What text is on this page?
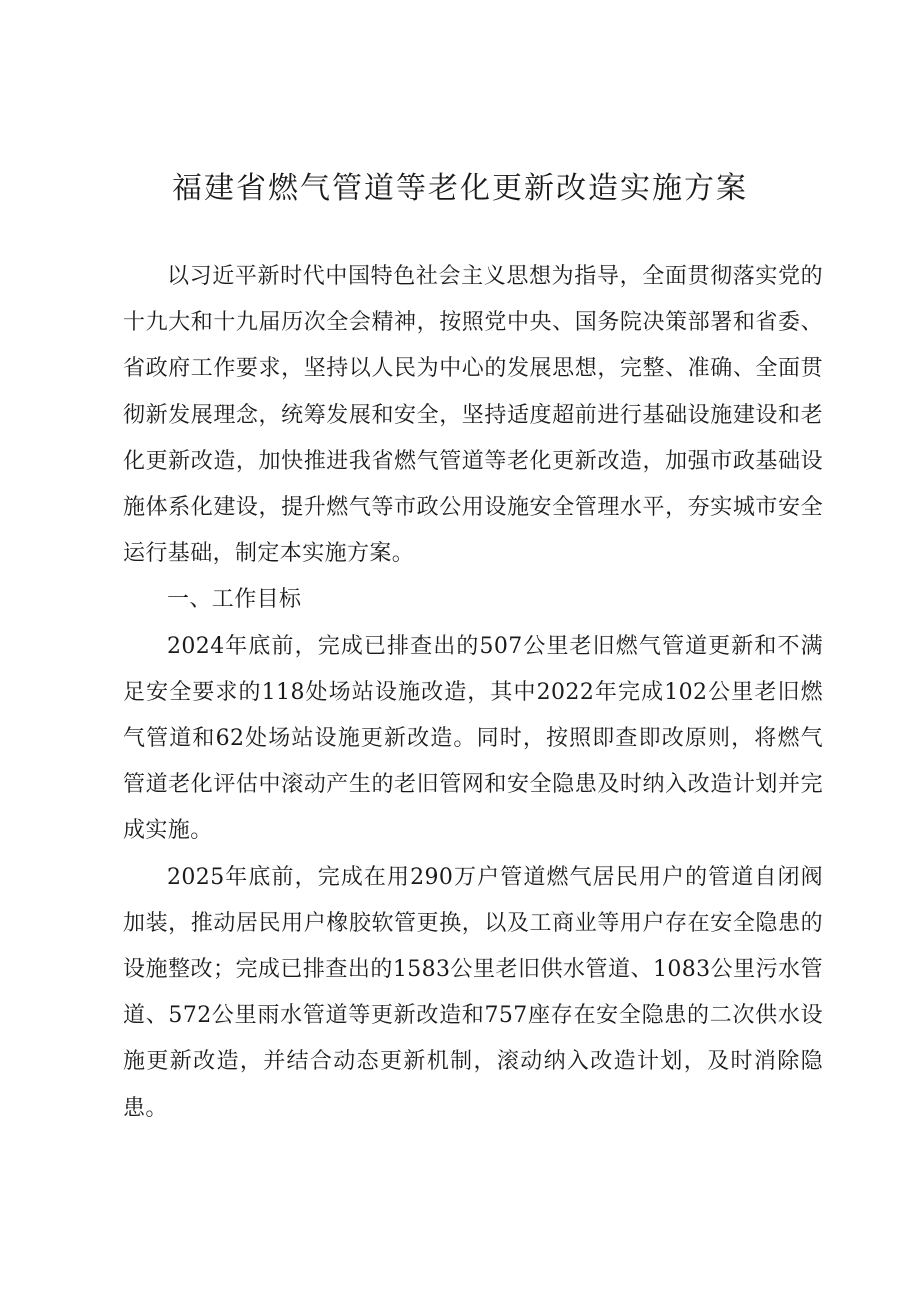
福建省燃气管道等老化更新改造实施方案

以习近平新时代中国特色社会主义思想为指导，全面贯彻落实党的十九大和十九届历次全会精神，按照党中央、国务院决策部署和省委、省政府工作要求，坚持以人民为中心的发展思想，完整、准确、全面贯彻新发展理念，统筹发展和安全，坚持适度超前进行基础设施建设和老化更新改造，加快推进我省燃气管道等老化更新改造，加强市政基础设施体系化建设，提升燃气等市政公用设施安全管理水平，夯实城市安全运行基础，制定本实施方案。

一、工作目标

2024年底前，完成已排查出的507公里老旧燃气管道更新和不满足安全要求的118处场站设施改造，其中2022年完成102公里老旧燃气管道和62处场站设施更新改造。同时，按照即查即改原则，将燃气管道老化评估中滚动产生的老旧管网和安全隐患及时纳入改造计划并完成实施。

2025年底前，完成在用290万户管道燃气居民用户的管道自闭阀加装，推动居民用户橡胶软管更换，以及工商业等用户存在安全隐患的设施整改；完成已排查出的1583公里老旧供水管道、1083公里污水管道、572公里雨水管道等更新改造和757座存在安全隐患的二次供水设施更新改造，并结合动态更新机制，滚动纳入改造计划，及时消除隐患。
